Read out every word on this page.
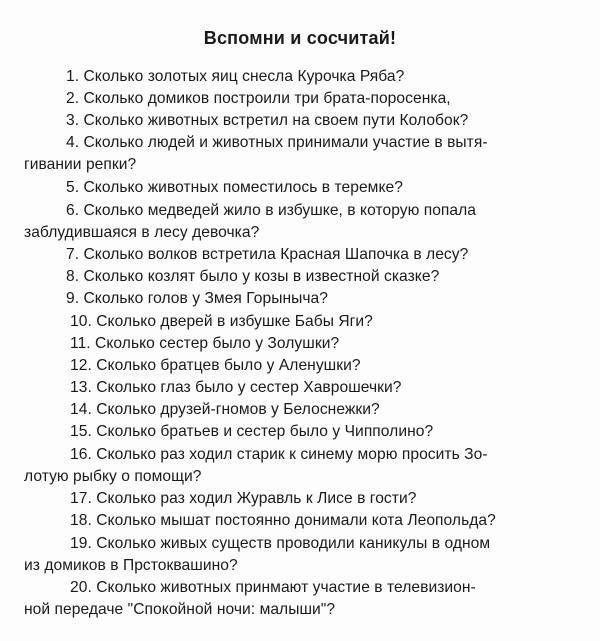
Вспомни и сосчитай!
1. Сколько золотых яиц снесла Курочка Ряба?
2. Сколько домиков построили три брата-поросенка,
3. Сколько животных встретил на своем пути Колобок?
4. Сколько людей и животных принимали участие в вытя-
гивании репки?
5. Сколько животных поместилось в теремке?
6. Сколько медведей жило в избушке, в которую попала
заблудившаяся в лесу девочка?
7. Сколько волков встретила Красная Шапочка в лесу?
8. Сколько козлят было у козы в известной сказке?
9. Сколько голов у Змея Горыныча?
10. Сколько дверей в избушке Бабы Яги?
11. Сколько сестер было у Золушки?
12. Сколько братцев было у Аленушки?
13. Сколько глаз было у сестер Хаврошечки?
14. Сколько друзей-гномов у Белоснежки?
15. Сколько братьев и сестер было у Чипполино?
16. Сколько раз ходил старик к синему морю просить Зо-
лотую рыбку о помощи?
17. Сколько раз ходил Журавль к Лисе в гости?
18. Сколько мышат постоянно донимали кота Леопольда?
19. Сколько живых существ проводили каникулы в одном
из домиков в Прстоквашино?
20. Сколько животных принмают участие в телевизион-
ной передаче "Спокойной ночи: малыши"?
